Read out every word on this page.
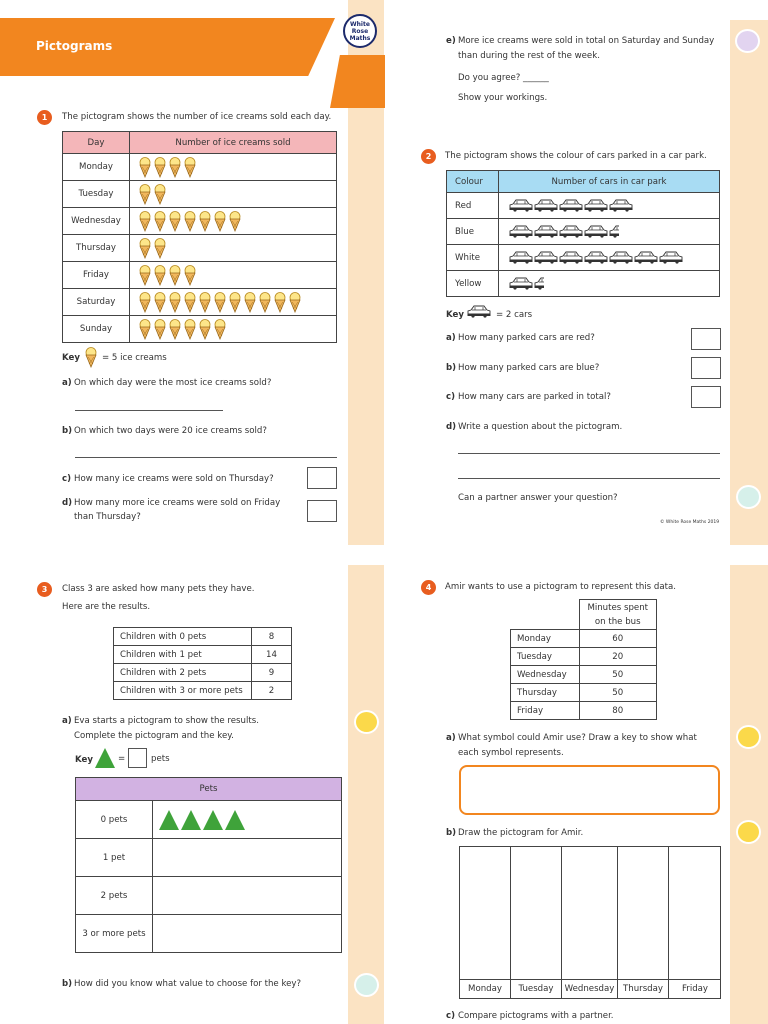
Pictograms
White
Rose
Maths
1	The pictogram shows the number of ice creams sold each day.
Day	Number of ice creams sold
Monday	
Tuesday	
Wednesday	
Thursday	
Friday	
Saturday	
Sunday	
Key	= 5 ice creams
a) On which day were the most ice creams sold?
b) On which two days were 20 ice creams sold?
c) How many ice creams were sold on Thursday?
d) How many more ice creams were sold on Friday
than Thursday?
e) More ice creams were sold in total on Saturday and Sunday
than during the rest of the week.
Do you agree? ______
Show your workings.
2	The pictogram shows the colour of cars parked in a car park.
Colour	Number of cars in car park
Red	
Blue	
White	
Yellow	
Key	= 2 cars
a) How many parked cars are red?
b) How many parked cars are blue?
c) How many cars are parked in total?
d) Write a question about the pictogram.
Can a partner answer your question?
© White Rose Maths 2019
3	Class 3 are asked how many pets they have.
Here are the results.
Children with 0 pets	8
Children with 1 pet	14
Children with 2 pets	9
Children with 3 or more pets	2
a) Eva starts a pictogram to show the results.
Complete the pictogram and the key.
Key	=	pets
Pets	
0 pets	
1 pet	
2 pets	
3 or more pets	
b) How did you know what value to choose for the key?
4	Amir wants to use a pictogram to represent this data.
	Minutes spent
on the bus
Monday	60
Tuesday	20
Wednesday	50
Thursday	50
Friday	80
a) What symbol could Amir use? Draw a key to show what
each symbol represents.
b) Draw the pictogram for Amir.
Monday	Tuesday	Wednesday	Thursday	Friday
c) Compare pictograms with a partner.
